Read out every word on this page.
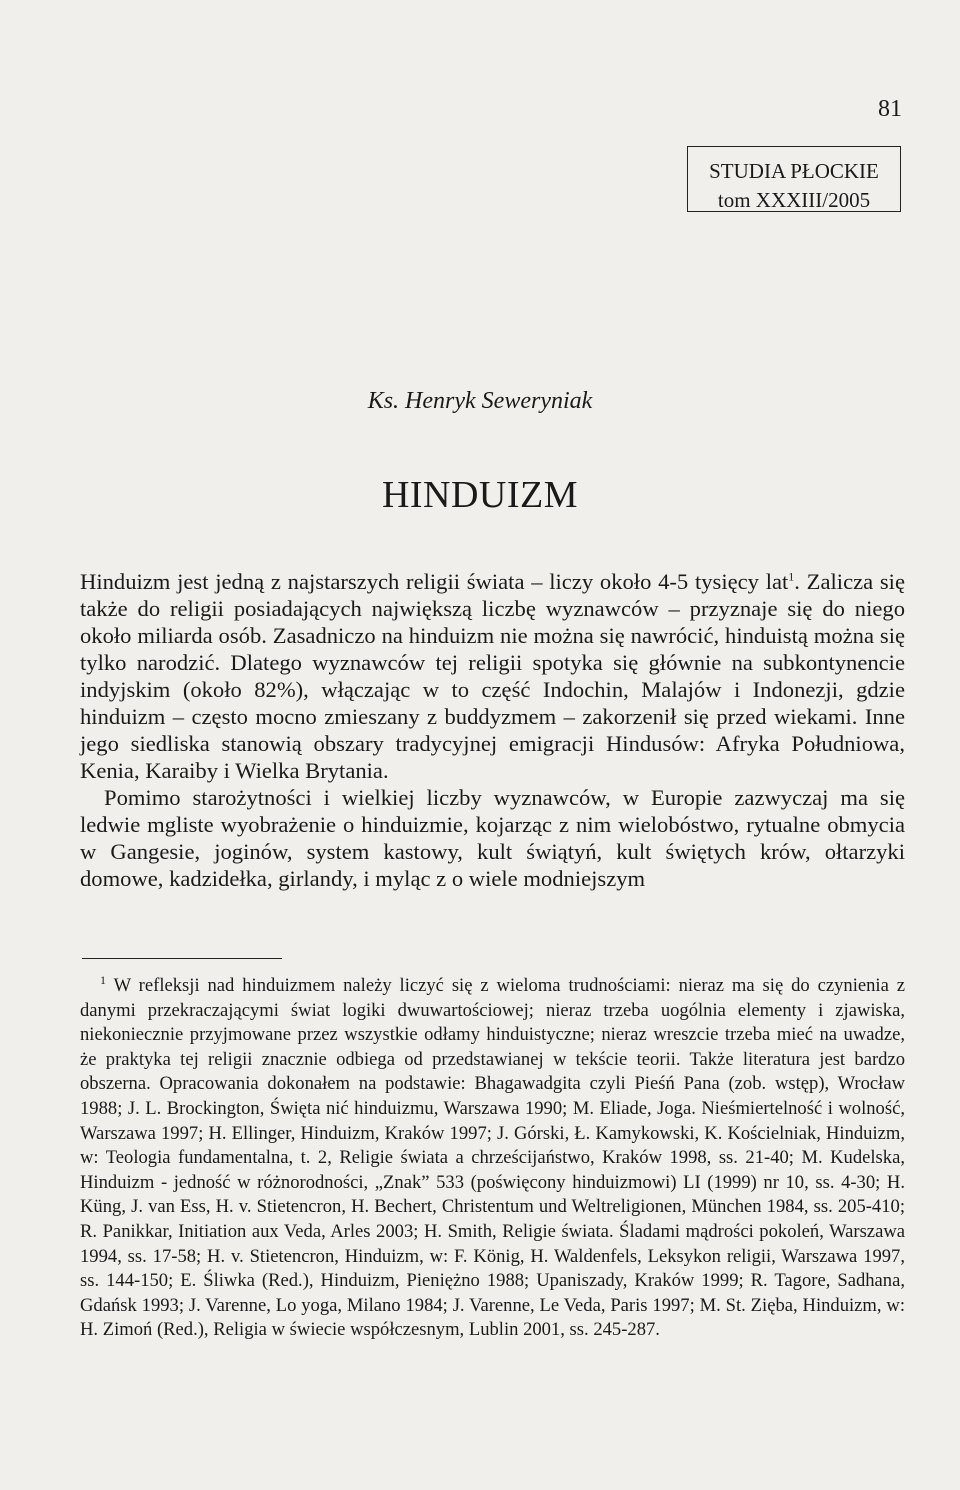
81
STUDIA PŁOCKIE
tom XXXIII/2005
Ks. Henryk Seweryniak
HINDUIZM

Hinduizm jest jedną z najstarszych religii świata – liczy około 4-5 tysięcy lat$^1$. Zalicza się także do religii posiadających największą liczbę wyznawców – przyznaje się do niego około miliarda osób. Zasadniczo na hinduizm nie można się nawrócić, hinduistą można się tylko narodzić. Dlatego wyznawców tej religii spotyka się głównie na subkontynencie indyjskim (około 82%), włączając w to część Indochin, Malajów i Indonezji, gdzie hinduizm – często mocno zmieszany z buddyzmem – zakorzenił się przed wiekami. Inne jego siedliska stanowią obszary tradycyjnej emigracji Hindusów: Afryka Południowa, Kenia, Karaiby i Wielka Brytania.

Pomimo starożytności i wielkiej liczby wyznawców, w Europie zazwyczaj ma się ledwie mgliste wyobrażenie o hinduizmie, kojarząc z nim wielobóstwo, rytualne obmycia w Gangesie, joginów, system kastowy, kult świątyń, kult świętych krów, ołtarzyki domowe, kadzidełka, girlandy, i myląc z o wiele modniejszym

$^1$ W refleksji nad hinduizmem należy liczyć się z wieloma trudnościami: nieraz ma się do czynienia z danymi przekraczającymi świat logiki dwuwartościowej; nieraz trzeba uogólnia elementy i zjawiska, niekoniecznie przyjmowane przez wszystkie odłamy hinduistyczne; nieraz wreszcie trzeba mieć na uwadze, że praktyka tej religii znacznie odbiega od przedstawianej w tekście teorii. Także literatura jest bardzo obszerna. Opracowania dokonałem na podstawie: Bhagawadgita czyli Pieśń Pana (zob. wstęp), Wrocław 1988; J. L. Brockington, Święta nić hinduizmu, Warszawa 1990; M. Eliade, Joga. Nieśmiertelność i wolność, Warszawa 1997; H. Ellinger, Hinduizm, Kraków 1997; J. Górski, Ł. Kamykowski, K. Kościelniak, Hinduizm, w: Teologia fundamentalna, t. 2, Religie świata a chrześcijaństwo, Kraków 1998, ss. 21-40; M. Kudelska, Hinduizm - jedność w różnorodności, „Znak” 533 (poświęcony hinduizmowi) LI (1999) nr 10, ss. 4-30; H. Küng, J. van Ess, H. v. Stietencron, H. Bechert, Christentum und Weltreligionen, München 1984, ss. 205-410; R. Panikkar, Initiation aux Veda, Arles 2003; H. Smith, Religie świata. Śladami mądrości pokoleń, Warszawa 1994, ss. 17-58; H. v. Stietencron, Hinduizm, w: F. König, H. Waldenfels, Leksykon religii, Warszawa 1997, ss. 144-150; E. Śliwka (Red.), Hinduizm, Pieniężno 1988; Upaniszady, Kraków 1999; R. Tagore, Sadhana, Gdańsk 1993; J. Varenne, Lo yoga, Milano 1984; J. Varenne, Le Veda, Paris 1997; M. St. Zięba, Hinduizm, w: H. Zimoń (Red.), Religia w świecie współczesnym, Lublin 2001, ss. 245-287.
